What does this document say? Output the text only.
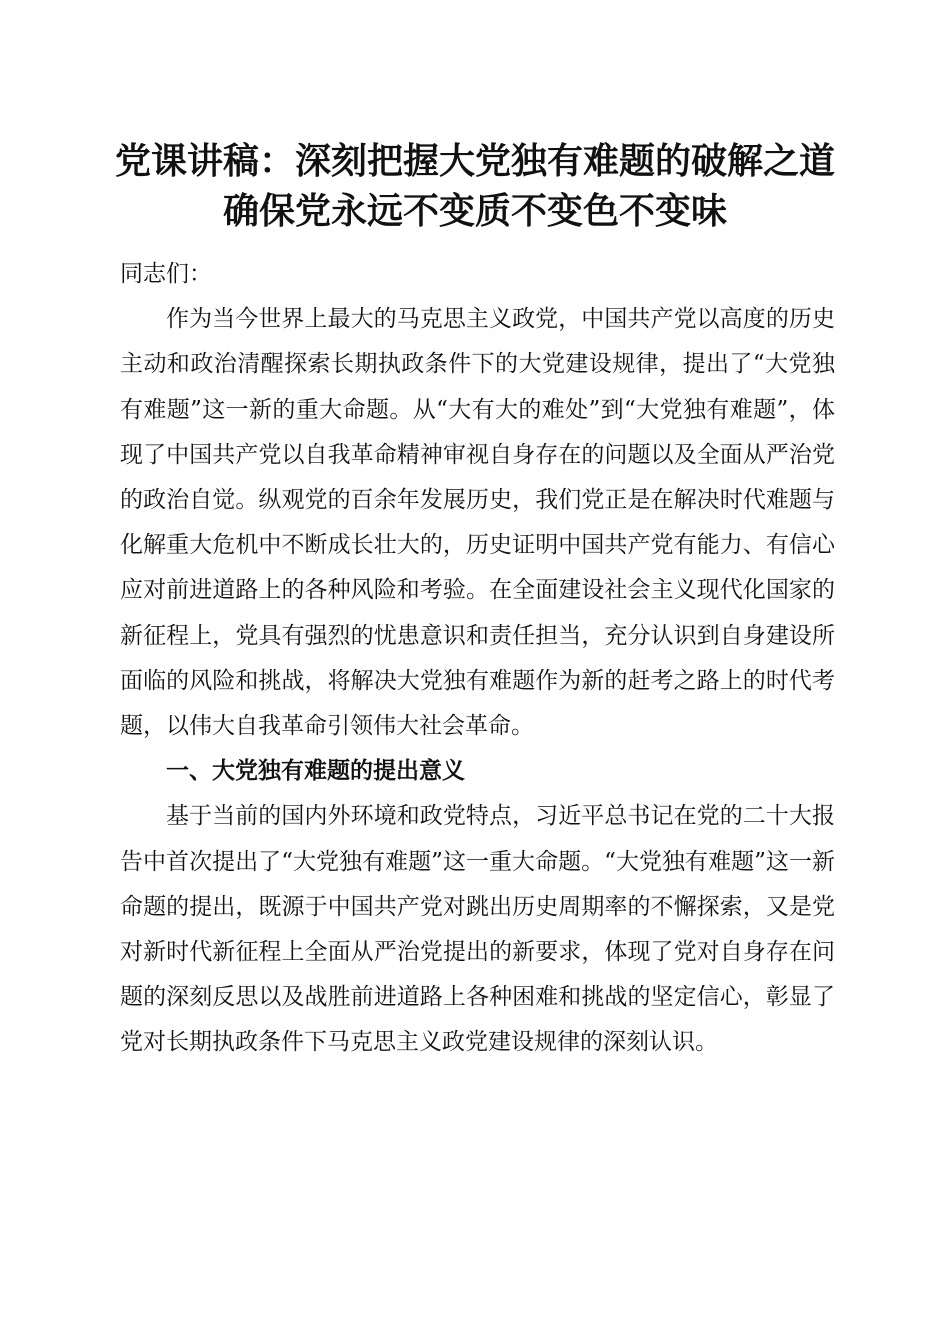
党课讲稿：深刻把握大党独有难题的破解之道
确保党永远不变质不变色不变味

同志们：

作为当今世界上最大的马克思主义政党，中国共产党以高度的历史主动和政治清醒探索长期执政条件下的大党建设规律，提出了“大党独有难题”这一新的重大命题。从“大有大的难处”到“大党独有难题”，体现了中国共产党以自我革命精神审视自身存在的问题以及全面从严治党的政治自觉。纵观党的百余年发展历史，我们党正是在解决时代难题与化解重大危机中不断成长壮大的，历史证明中国共产党有能力、有信心应对前进道路上的各种风险和考验。在全面建设社会主义现代化国家的新征程上，党具有强烈的忧患意识和责任担当，充分认识到自身建设所面临的风险和挑战，将解决大党独有难题作为新的赶考之路上的时代考题，以伟大自我革命引领伟大社会革命。

一、大党独有难题的提出意义

基于当前的国内外环境和政党特点，习近平总书记在党的二十大报告中首次提出了“大党独有难题”这一重大命题。“大党独有难题”这一新命题的提出，既源于中国共产党对跳出历史周期率的不懈探索，又是党对新时代新征程上全面从严治党提出的新要求，体现了党对自身存在问题的深刻反思以及战胜前进道路上各种困难和挑战的坚定信心，彰显了党对长期执政条件下马克思主义政党建设规律的深刻认识。
